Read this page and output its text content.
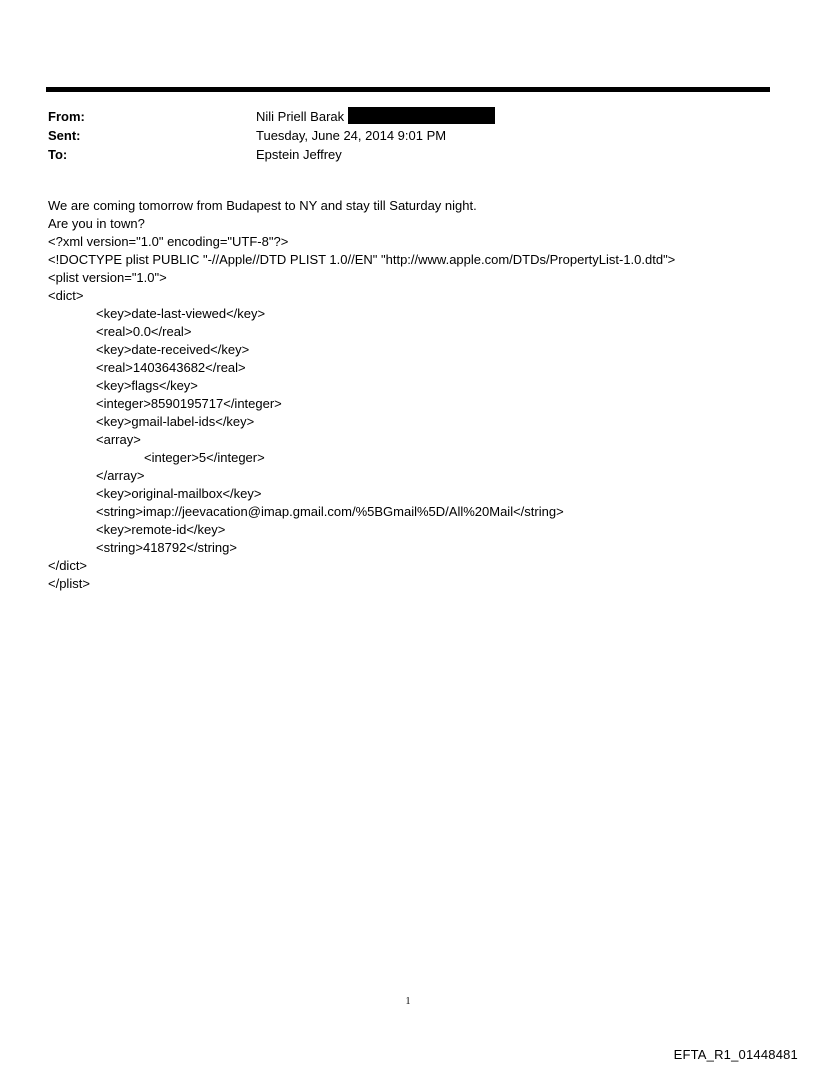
From:	Nili Priell Barak
Sent:	Tuesday, June 24, 2014 9:01 PM
To:	Epstein Jeffrey
We are coming tomorrow from Budapest to NY and stay till Saturday night.
Are you in town?
<?xml version="1.0" encoding="UTF-8"?>
<!DOCTYPE plist PUBLIC "-//Apple//DTD PLIST 1.0//EN" "http://www.apple.com/DTDs/PropertyList-1.0.dtd">
<plist version="1.0">
<dict>
<key>date-last-viewed</key>
<real>0.0</real>
<key>date-received</key>
<real>1403643682</real>
<key>flags</key>
<integer>8590195717</integer>
<key>gmail-label-ids</key>
<array>
<integer>5</integer>
</array>
<key>original-mailbox</key>
<string>imap://jeevacation@imap.gmail.com/%5BGmail%5D/All%20Mail</string>
<key>remote-id</key>
<string>418792</string>
</dict>
</plist>
1
EFTA_R1_01448481
